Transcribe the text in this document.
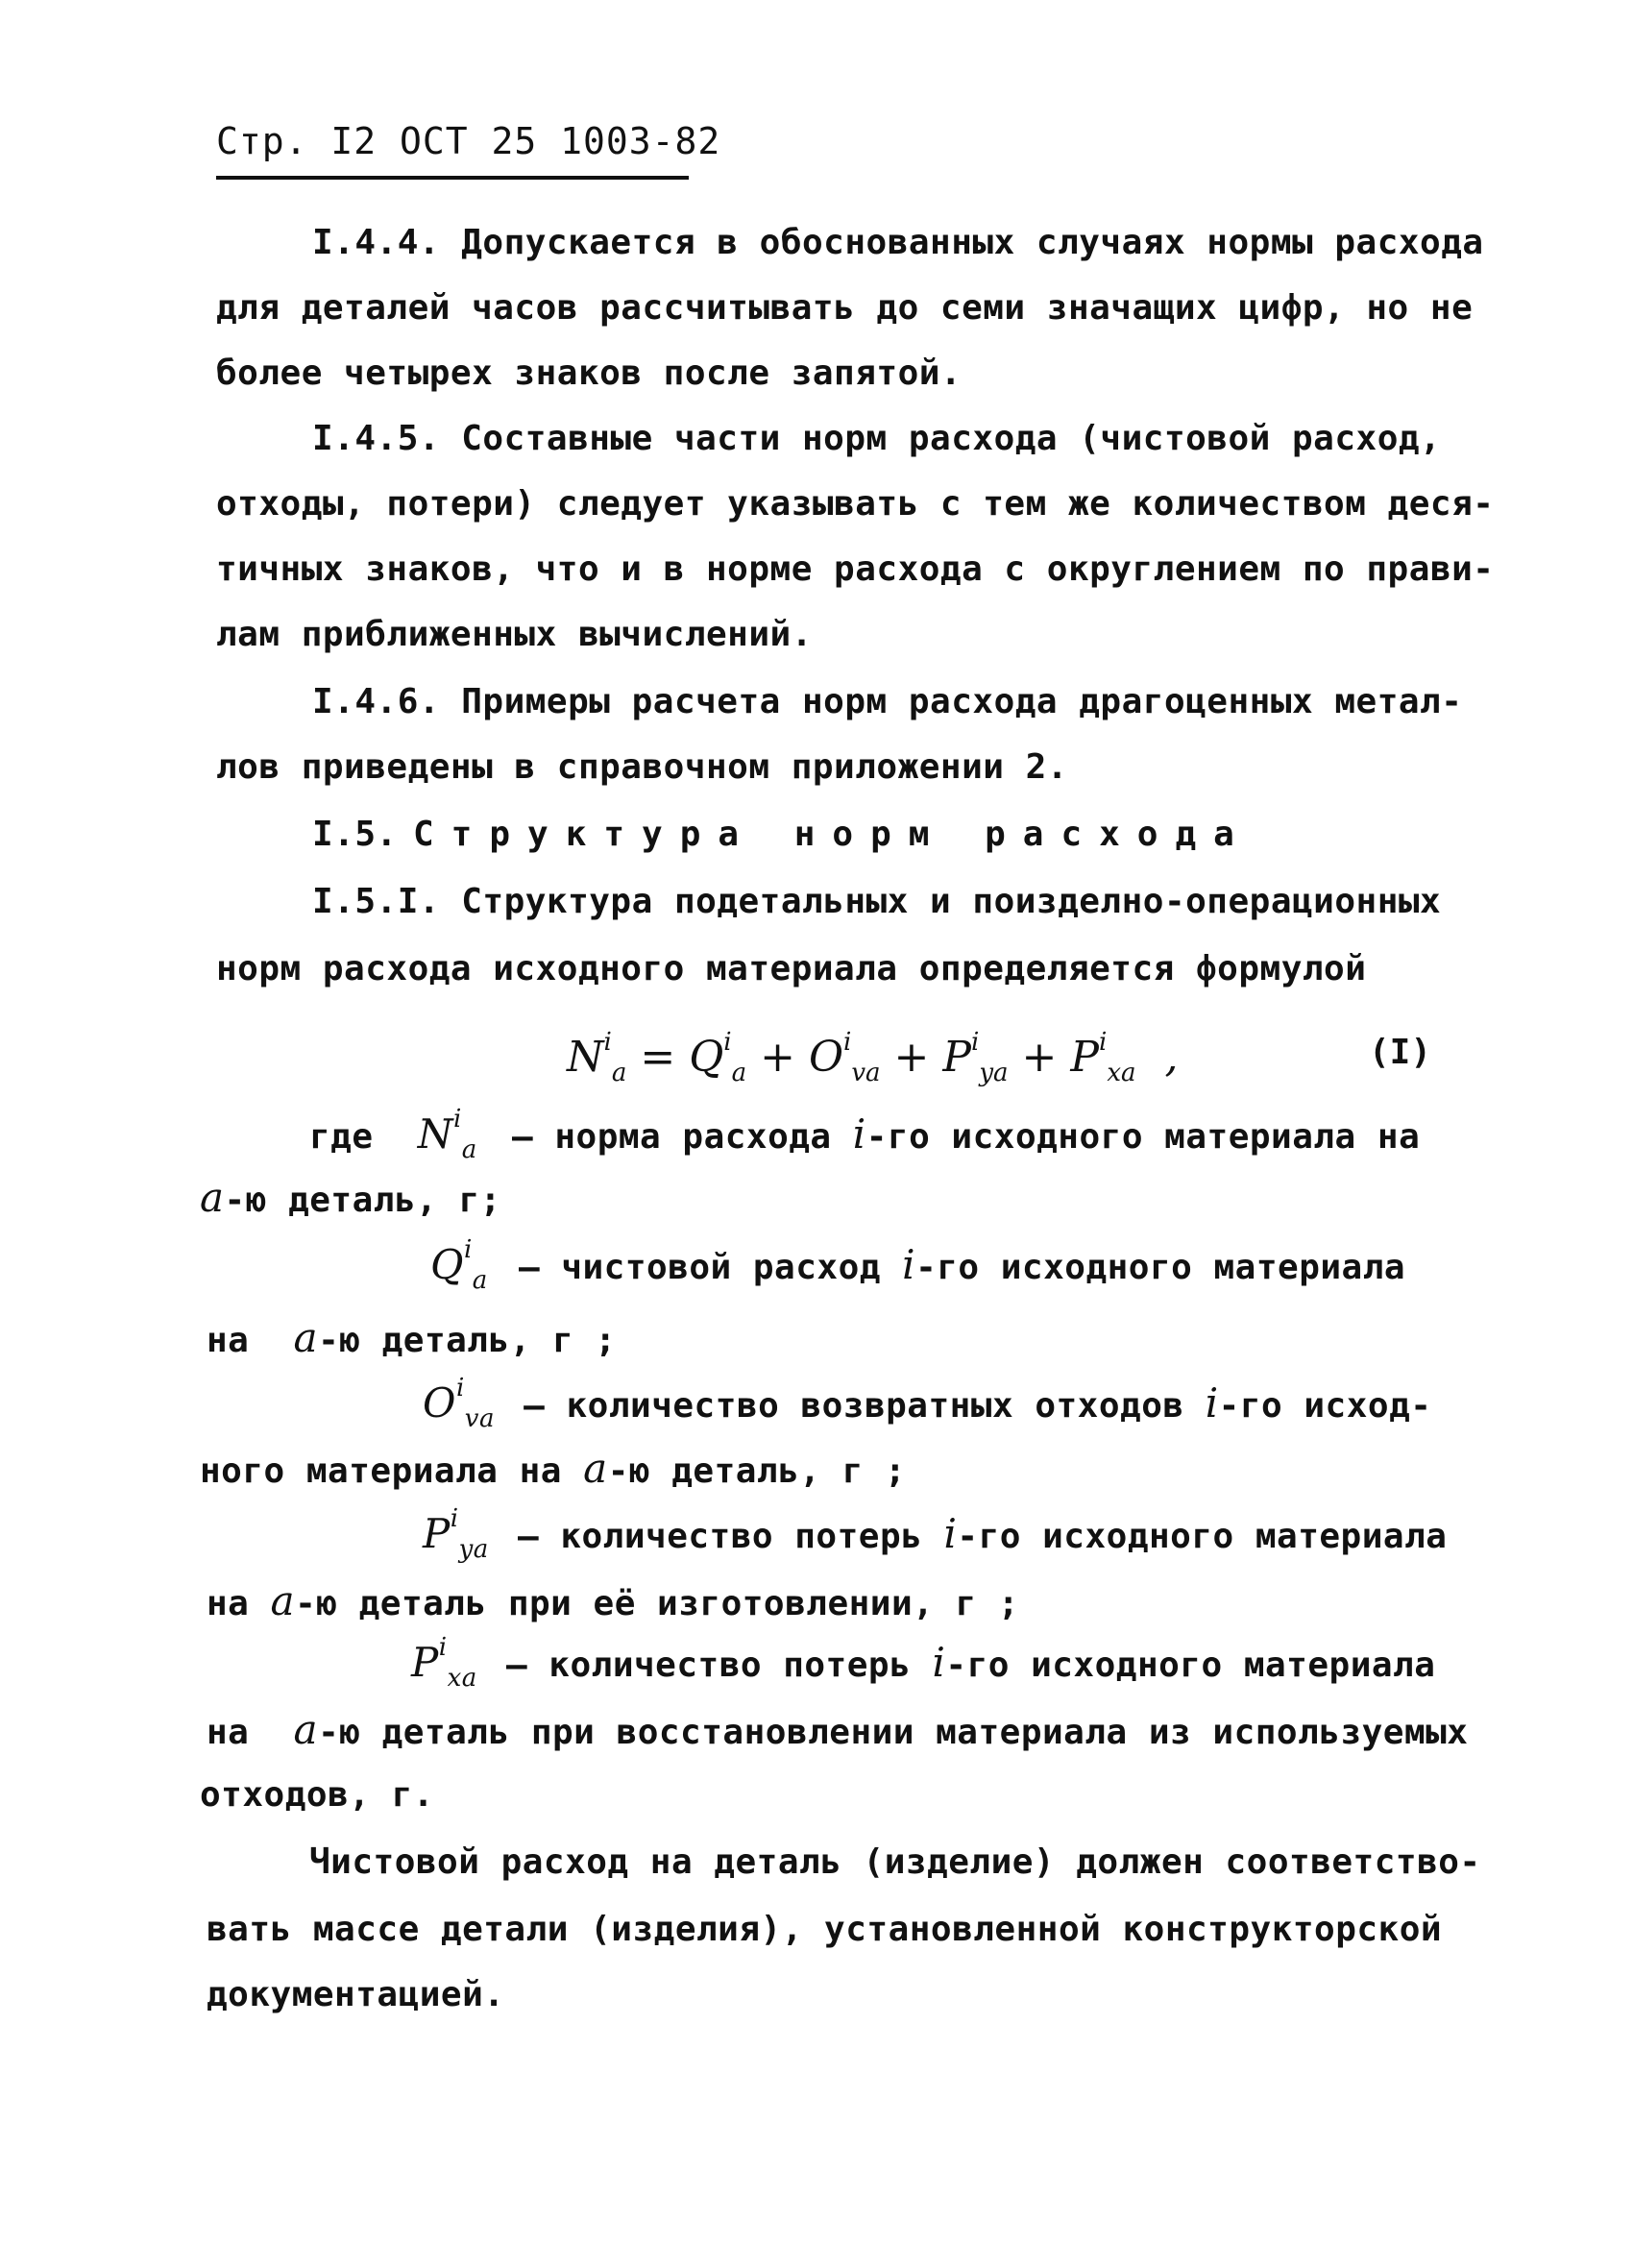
Стр. I2 ОСТ 25 1003-82
I.4.4. Допускается в обоснованных случаях нормы расхода
для деталей часов рассчитывать до семи значащих цифр, но не
более четырех знаков после запятой.
I.4.5. Составные части норм расхода (чистовой расход,
отходы, потери) следует указывать с тем же количеством деся-
тичных знаков, что и в норме расхода с округлением по прави-
лам приближенных вычислений.
I.4.6. Примеры расчета норм расхода драгоценных метал-
лов приведены в справочном приложении 2.
I.5. Структура норм расхода
I.5.I. Структура подетальных и поизделно-операционных
норм расхода исходного материала определяется формулой
$N^i_a = Q^i_a + O^i_{va} + P^i_{ya} + P^i_{xa}$ ,	(I)
где $N^i_a$ – норма расхода i-го исходного материала на
a-ю деталь, г;
$Q^i_a$ – чистовой расход i-го исходного материала
на a-ю деталь, г ;
$O^i_{va}$ – количество возвратных отходов i-го исход-
ного материала на a-ю деталь, г ;
$P^i_{ya}$ – количество потерь i-го исходного материала
на a-ю деталь при её изготовлении, г ;
$P^i_{xa}$ – количество потерь i-го исходного материала
на a-ю деталь при восстановлении материала из используемых
отходов, г.
Чистовой расход на деталь (изделие) должен соответство-
вать массе детали (изделия), установленной конструкторской
документацией.
